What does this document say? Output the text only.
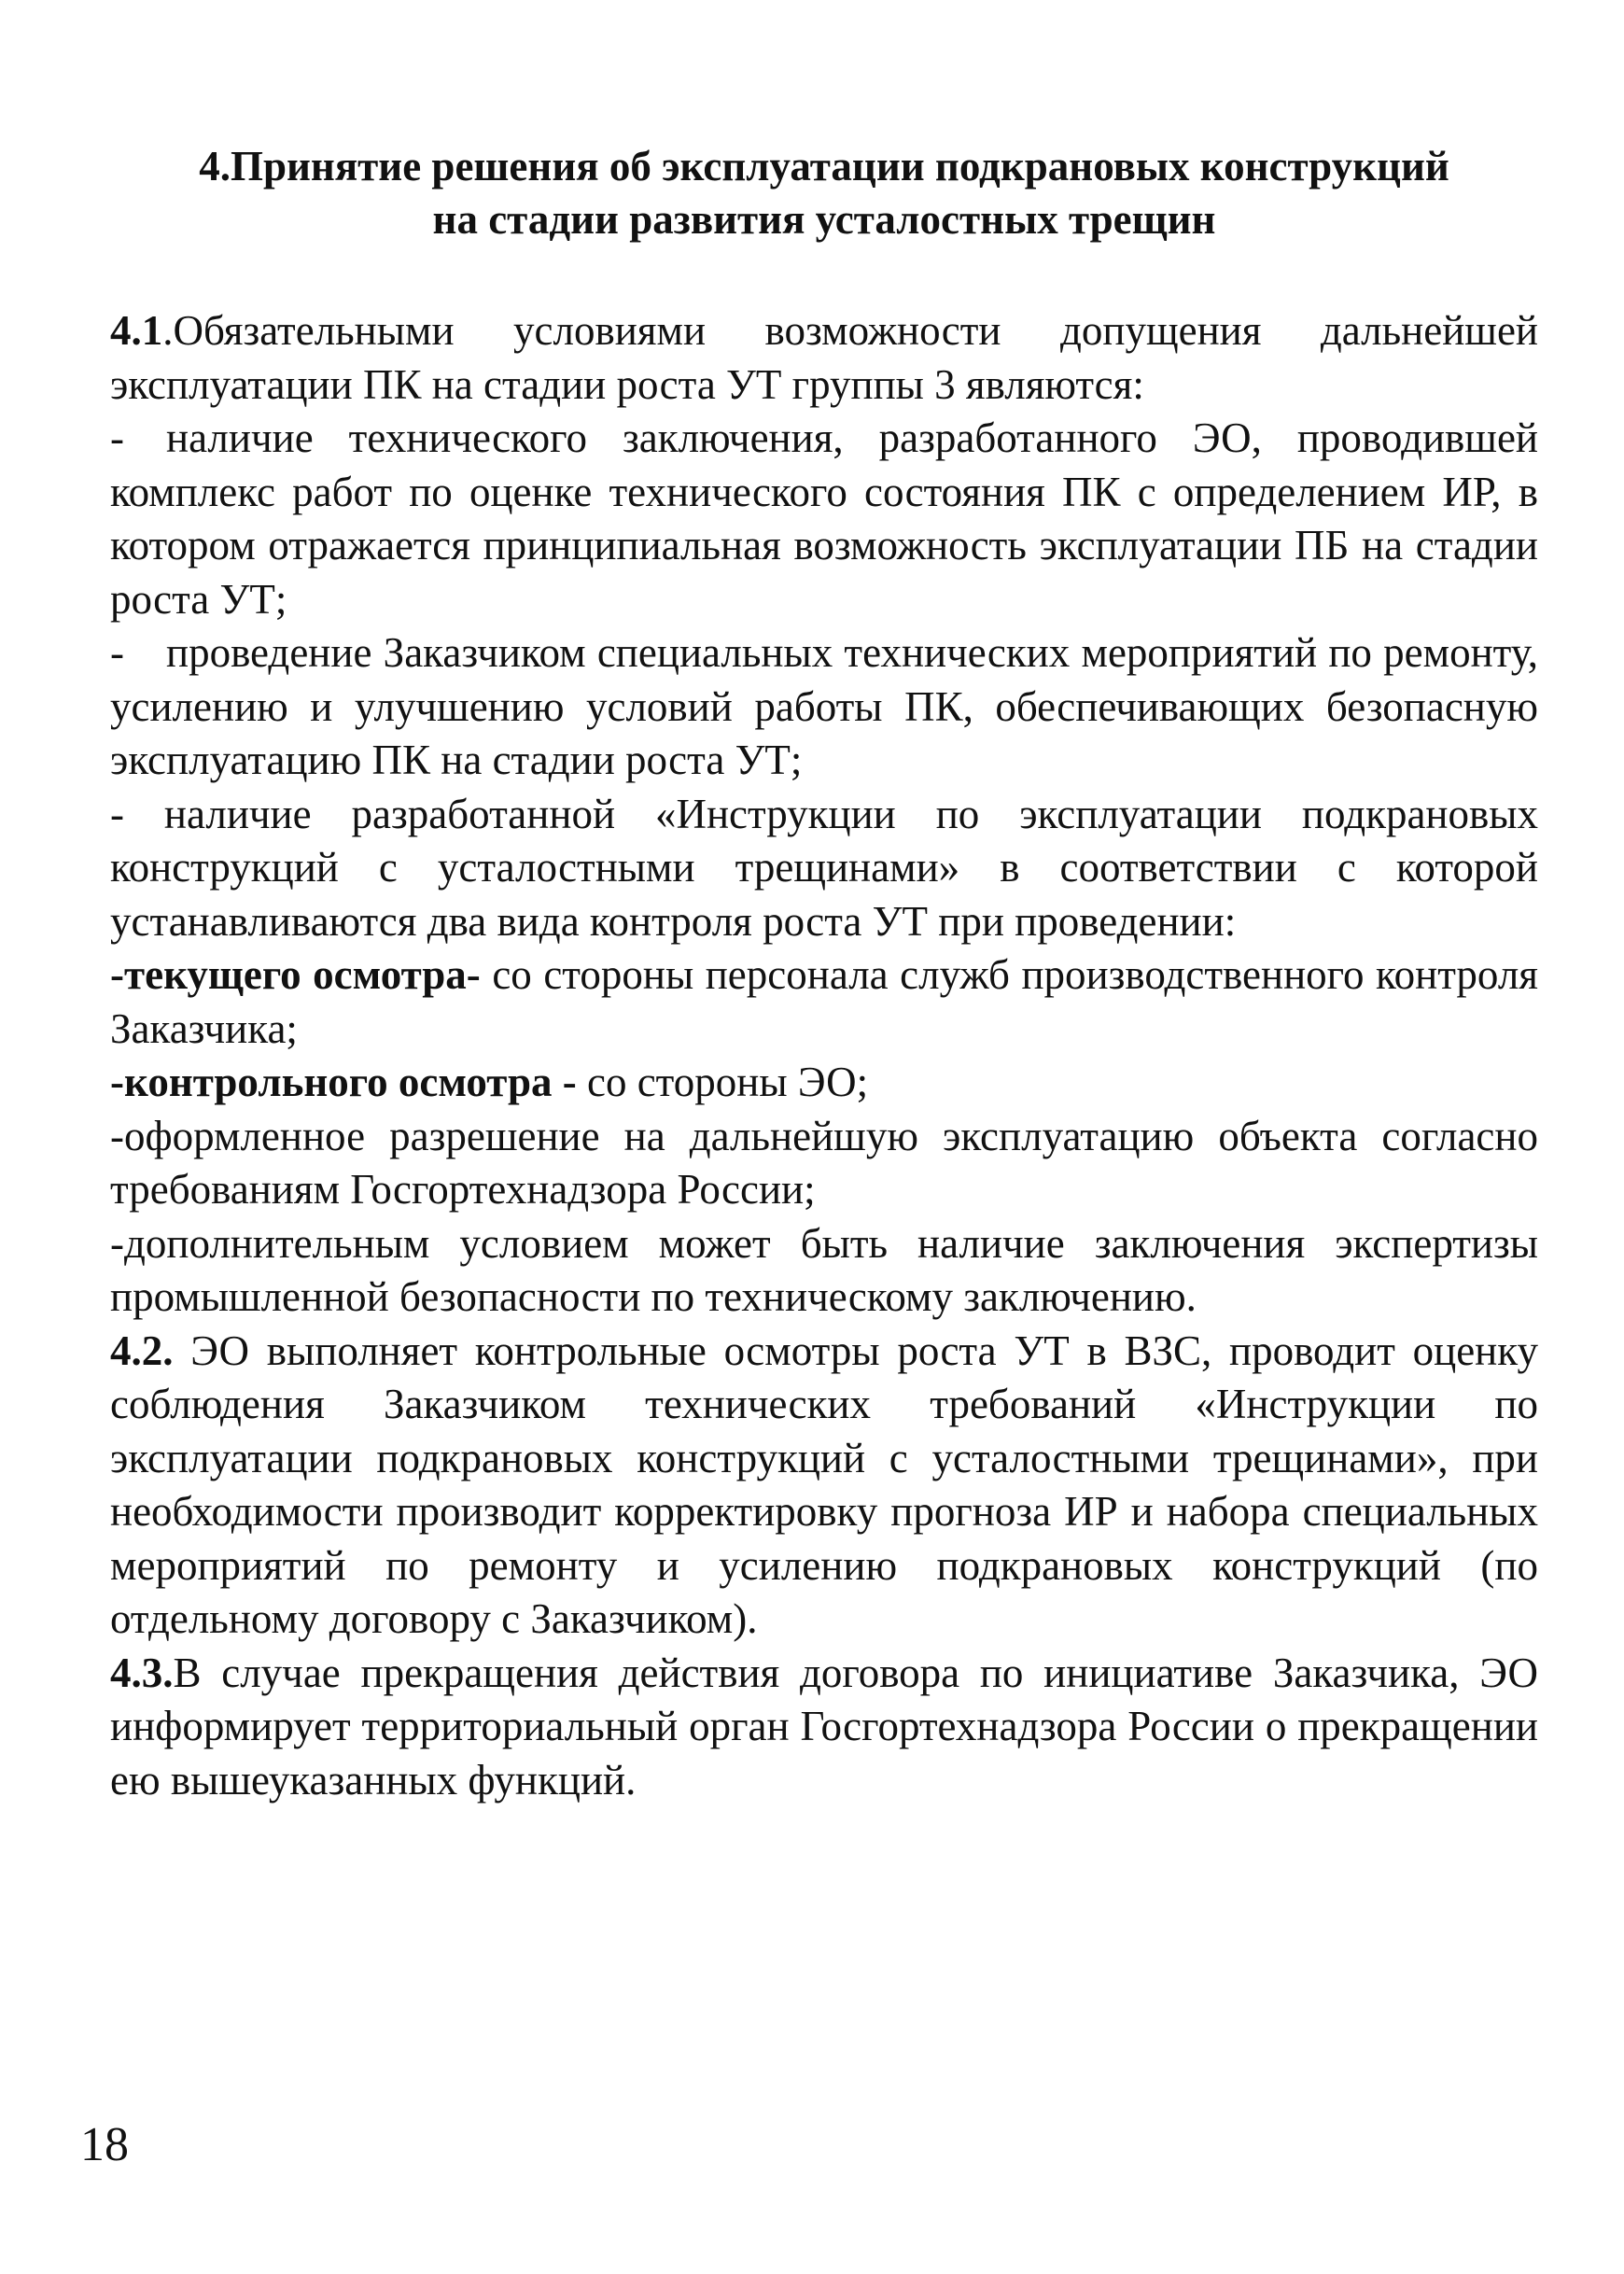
4.Принятие решения об эксплуатации подкрановых конструкций
на стадии развития усталостных трещин

4.1.Обязательными условиями возможности допущения дальнейшей эксплуатации ПК на стадии роста УТ группы 3 являются:

- наличие технического заключения, разработанного ЭО, проводившей комплекс работ по оценке технического состояния ПК с определением ИР, в котором отражается принципиальная возможность эксплуатации ПБ на стадии роста УТ;

- проведение Заказчиком специальных технических мероприятий по ремонту, усилению и улучшению условий работы ПК, обеспечивающих безопасную эксплуатацию ПК на стадии роста УТ;

- наличие разработанной «Инструкции по эксплуатации подкрановых конструкций с усталостными трещинами» в соответствии с которой устанавливаются два вида контроля роста УТ при проведении:

-текущего осмотра- со стороны персонала служб производственного контроля Заказчика;

-контрольного осмотра - со стороны ЭО;

-оформленное разрешение на дальнейшую эксплуатацию объекта согласно требованиям Госгортехнадзора России;

-дополнительным условием может быть наличие заключения экспертизы промышленной безопасности по техническому заключению.

4.2. ЭО выполняет контрольные осмотры роста УТ в ВЗС, проводит оценку соблюдения Заказчиком технических требований «Инструкции по эксплуатации подкрановых конструкций с усталостными трещинами», при необходимости производит корректировку прогноза ИР и набора специальных мероприятий по ремонту и усилению подкрановых конструкций (по отдельному договору с Заказчиком).

4.3.В случае прекращения действия договора по инициативе Заказчика, ЭО информирует территориальный орган Госгортехнадзора России о прекращении ею вышеуказанных функций.

18
